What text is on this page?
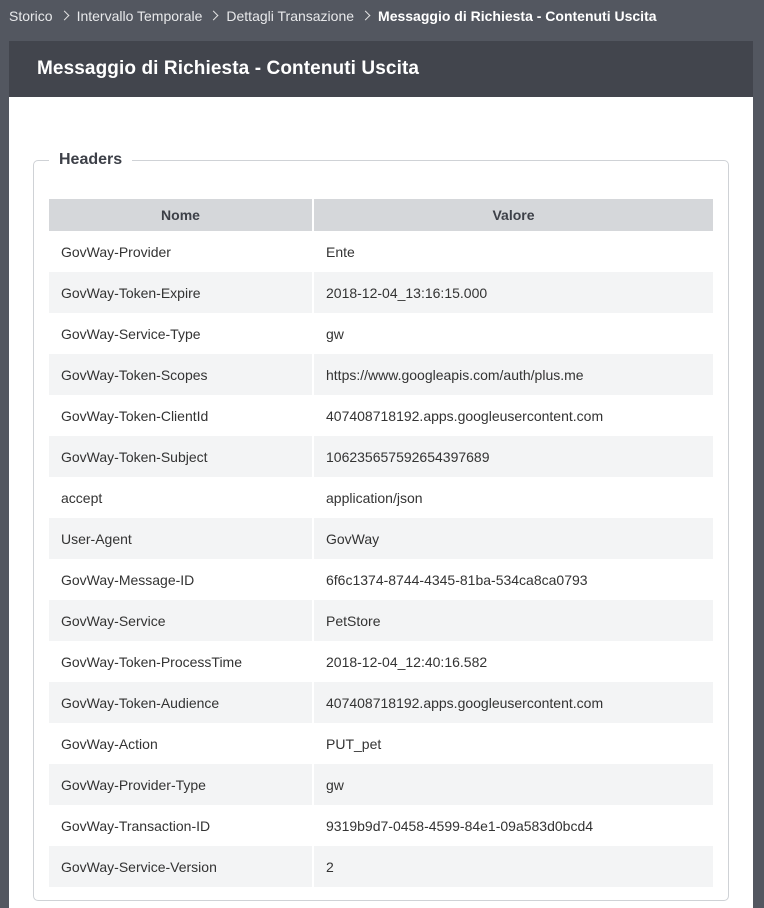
Storico Intervallo Temporale Dettagli Transazione Messaggio di Richiesta - Contenuti Uscita
Messaggio di Richiesta - Contenuti Uscita
Headers
Nome	Valore
GovWay-Provider	Ente
GovWay-Token-Expire	2018-12-04_13:16:15.000
GovWay-Service-Type	gw
GovWay-Token-Scopes	https://www.googleapis.com/auth/plus.me
GovWay-Token-ClientId	407408718192.apps.googleusercontent.com
GovWay-Token-Subject	106235657592654397689
accept	application/json
User-Agent	GovWay
GovWay-Message-ID	6f6c1374-8744-4345-81ba-534ca8ca0793
GovWay-Service	PetStore
GovWay-Token-ProcessTime	2018-12-04_12:40:16.582
GovWay-Token-Audience	407408718192.apps.googleusercontent.com
GovWay-Action	PUT_pet
GovWay-Provider-Type	gw
GovWay-Transaction-ID	9319b9d7-0458-4599-84e1-09a583d0bcd4
GovWay-Service-Version	2
